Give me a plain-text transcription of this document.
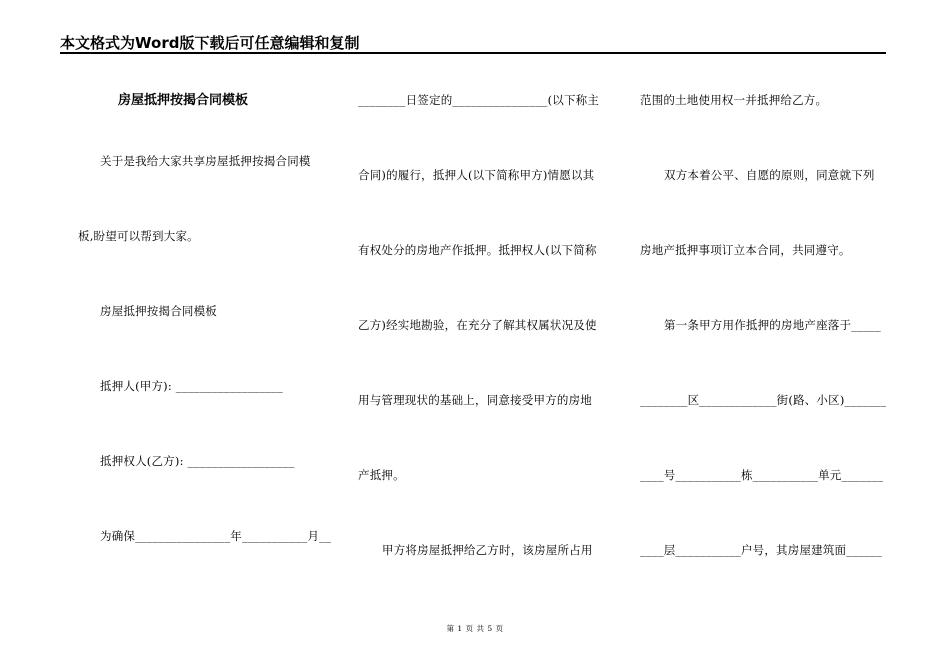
本文格式为Word版下载后可任意编辑和复制
房屋抵押按揭合同模板
关于是我给大家共享房屋抵押按揭合同模
板,盼望可以帮到大家。
房屋抵押按揭合同模板
抵押人(甲方): __________________
抵押权人(乙方): __________________
为确保________________年___________月__
________日签定的________________(以下称主
合同)的履行，抵押人(以下简称甲方)情愿以其
有权处分的房地产作抵押。抵押权人(以下简称
乙方)经实地勘验，在充分了解其权属状况及使
用与管理现状的基础上，同意接受甲方的房地
产抵押。
甲方将房屋抵押给乙方时，该房屋所占用
范围的土地使用权一并抵押给乙方。
双方本着公平、自愿的原则，同意就下列
房地产抵押事项订立本合同，共同遵守。
第一条甲方用作抵押的房地产座落于_____
________区_____________街(路、小区)_______
____号___________栋___________单元_______
____层___________户号，其房屋建筑面______
第 1 页 共 5 页
